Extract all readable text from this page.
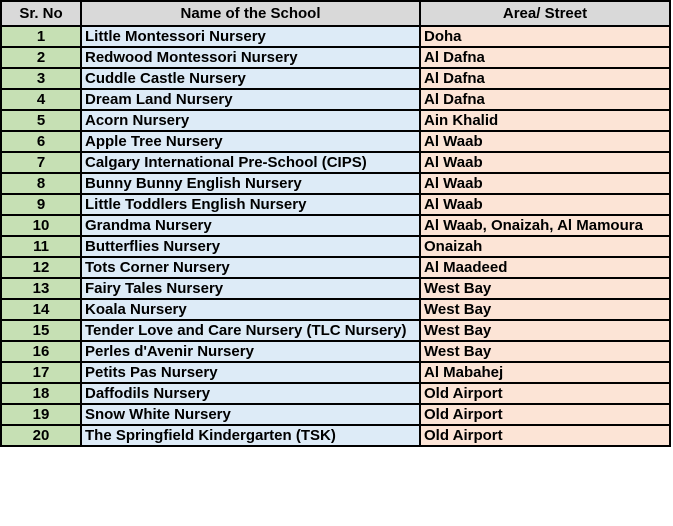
Sr. No	Name of the School	Area/ Street
1	Little Montessori Nursery	Doha
2	Redwood Montessori Nursery	Al Dafna
3	Cuddle Castle Nursery	Al Dafna
4	Dream Land Nursery	Al Dafna
5	Acorn Nursery	Ain Khalid
6	Apple Tree Nursery	Al Waab
7	Calgary International Pre-School (CIPS)	Al Waab
8	Bunny Bunny English Nursery	Al Waab
9	Little Toddlers English Nursery	Al Waab
10	Grandma Nursery	Al Waab, Onaizah, Al Mamoura
11	Butterflies Nursery	Onaizah
12	Tots Corner Nursery	Al Maadeed
13	Fairy Tales Nursery	West Bay
14	Koala Nursery	West Bay
15	Tender Love and Care Nursery (TLC Nursery)	West Bay
16	Perles d'Avenir Nursery	West Bay
17	Petits Pas Nursery	Al Mabahej
18	Daffodils Nursery	Old Airport
19	Snow White Nursery	Old Airport
20	The Springfield Kindergarten (TSK)	Old Airport
